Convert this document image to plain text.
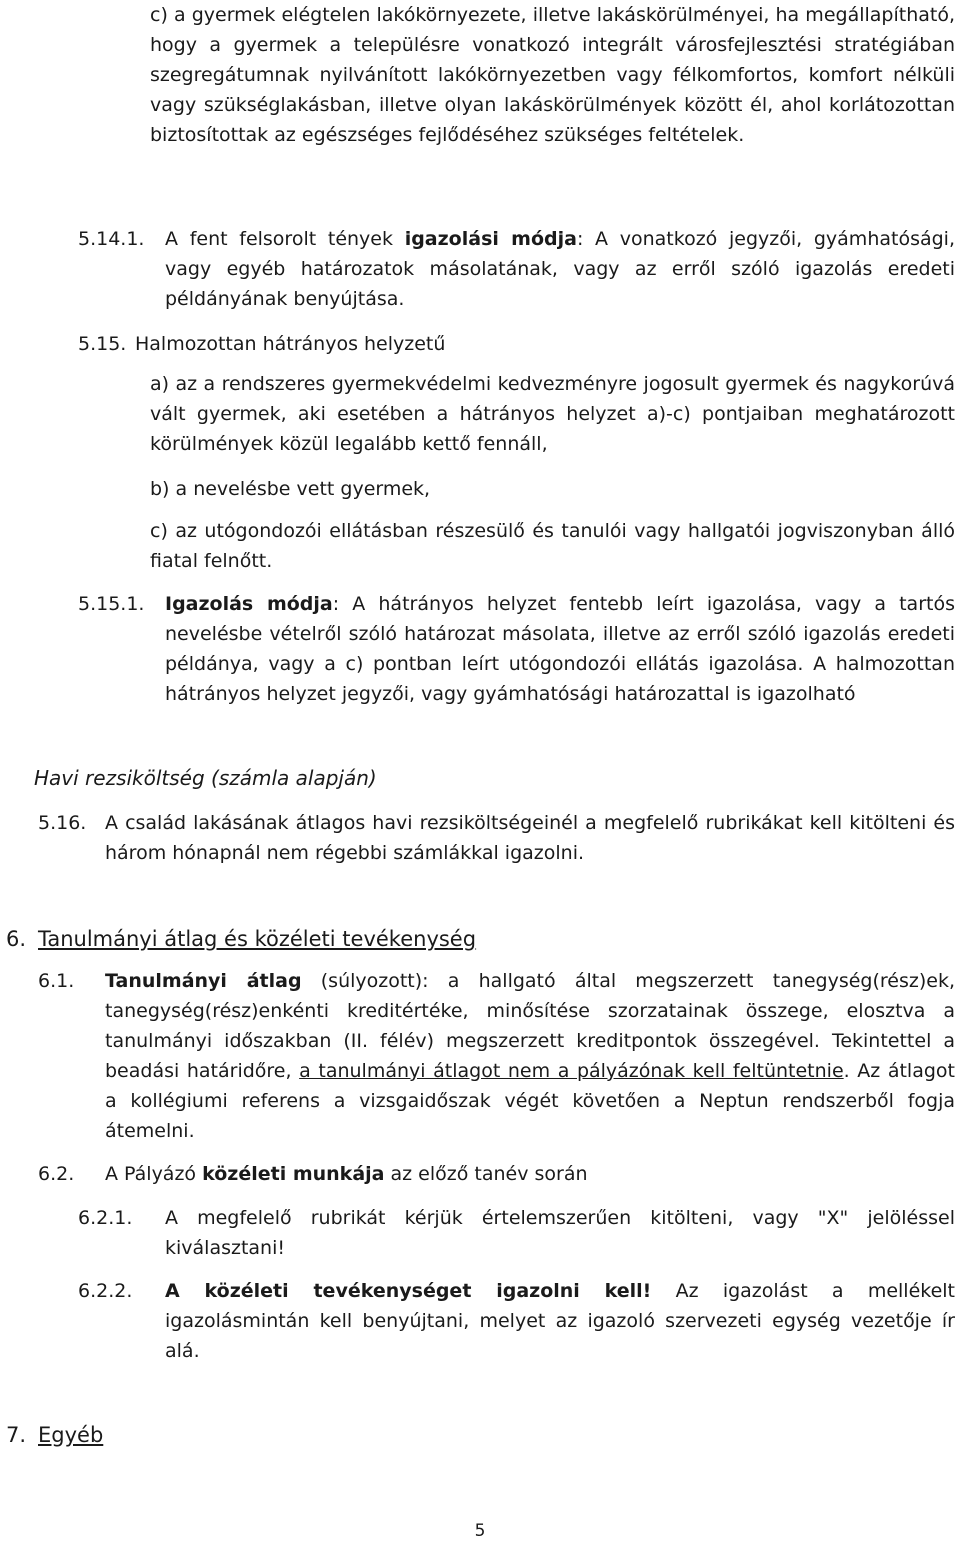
c) a gyermek elégtelen lakókörnyezete, illetve lakáskörülményei, ha megállapítható, hogy a gyermek a településre vonatkozó integrált városfejlesztési stratégiában szegregátumnak nyilvánított lakókörnyezetben vagy félkomfortos, komfort nélküli vagy szükséglakásban, illetve olyan lakáskörülmények között él, ahol korlátozottan biztosítottak az egészséges fejlődéséhez szükséges feltételek.
5.14.1. A fent felsorolt tények igazolási módja: A vonatkozó jegyzői, gyámhatósági, vagy egyéb határozatok másolatának, vagy az erről szóló igazolás eredeti példányának benyújtása.
5.15. Halmozottan hátrányos helyzetű
a) az a rendszeres gyermekvédelmi kedvezményre jogosult gyermek és nagykorúvá vált gyermek, aki esetében a hátrányos helyzet a)-c) pontjaiban meghatározott körülmények közül legalább kettő fennáll,
b) a nevelésbe vett gyermek,
c) az utógondozói ellátásban részesülő és tanulói vagy hallgatói jogviszonyban álló fiatal felnőtt.
5.15.1. Igazolás módja: A hátrányos helyzet fentebb leírt igazolása, vagy a tartós nevelésbe vételről szóló határozat másolata, illetve az erről szóló igazolás eredeti példánya, vagy a c) pontban leírt utógondozói ellátás igazolása. A halmozottan hátrányos helyzet jegyzői, vagy gyámhatósági határozattal is igazolható
Havi rezsiköltség (számla alapján)
5.16. A család lakásának átlagos havi rezsiköltségeinél a megfelelő rubrikákat kell kitölteni és három hónapnál nem régebbi számlákkal igazolni.
6. Tanulmányi átlag és közéleti tevékenység
6.1. Tanulmányi átlag (súlyozott): a hallgató által megszerzett tanegység(rész)ek, tanegység(rész)enkénti kreditértéke, minősítése szorzatainak összege, elosztva a tanulmányi időszakban (II. félév) megszerzett kreditpontok összegével. Tekintettel a beadási határidőre, a tanulmányi átlagot nem a pályázónak kell feltüntetnie. Az átlagot a kollégiumi referens a vizsgaidőszak végét követően a Neptun rendszerből fogja átemelni.
6.2. A Pályázó közéleti munkája az előző tanév során
6.2.1. A megfelelő rubrikát kérjük értelemszerűen kitölteni, vagy "X" jelöléssel kiválasztani!
6.2.2. A közéleti tevékenységet igazolni kell! Az igazolást a mellékelt igazolásmintán kell benyújtani, melyet az igazoló szervezeti egység vezetője ír alá.
7. Egyéb
5
